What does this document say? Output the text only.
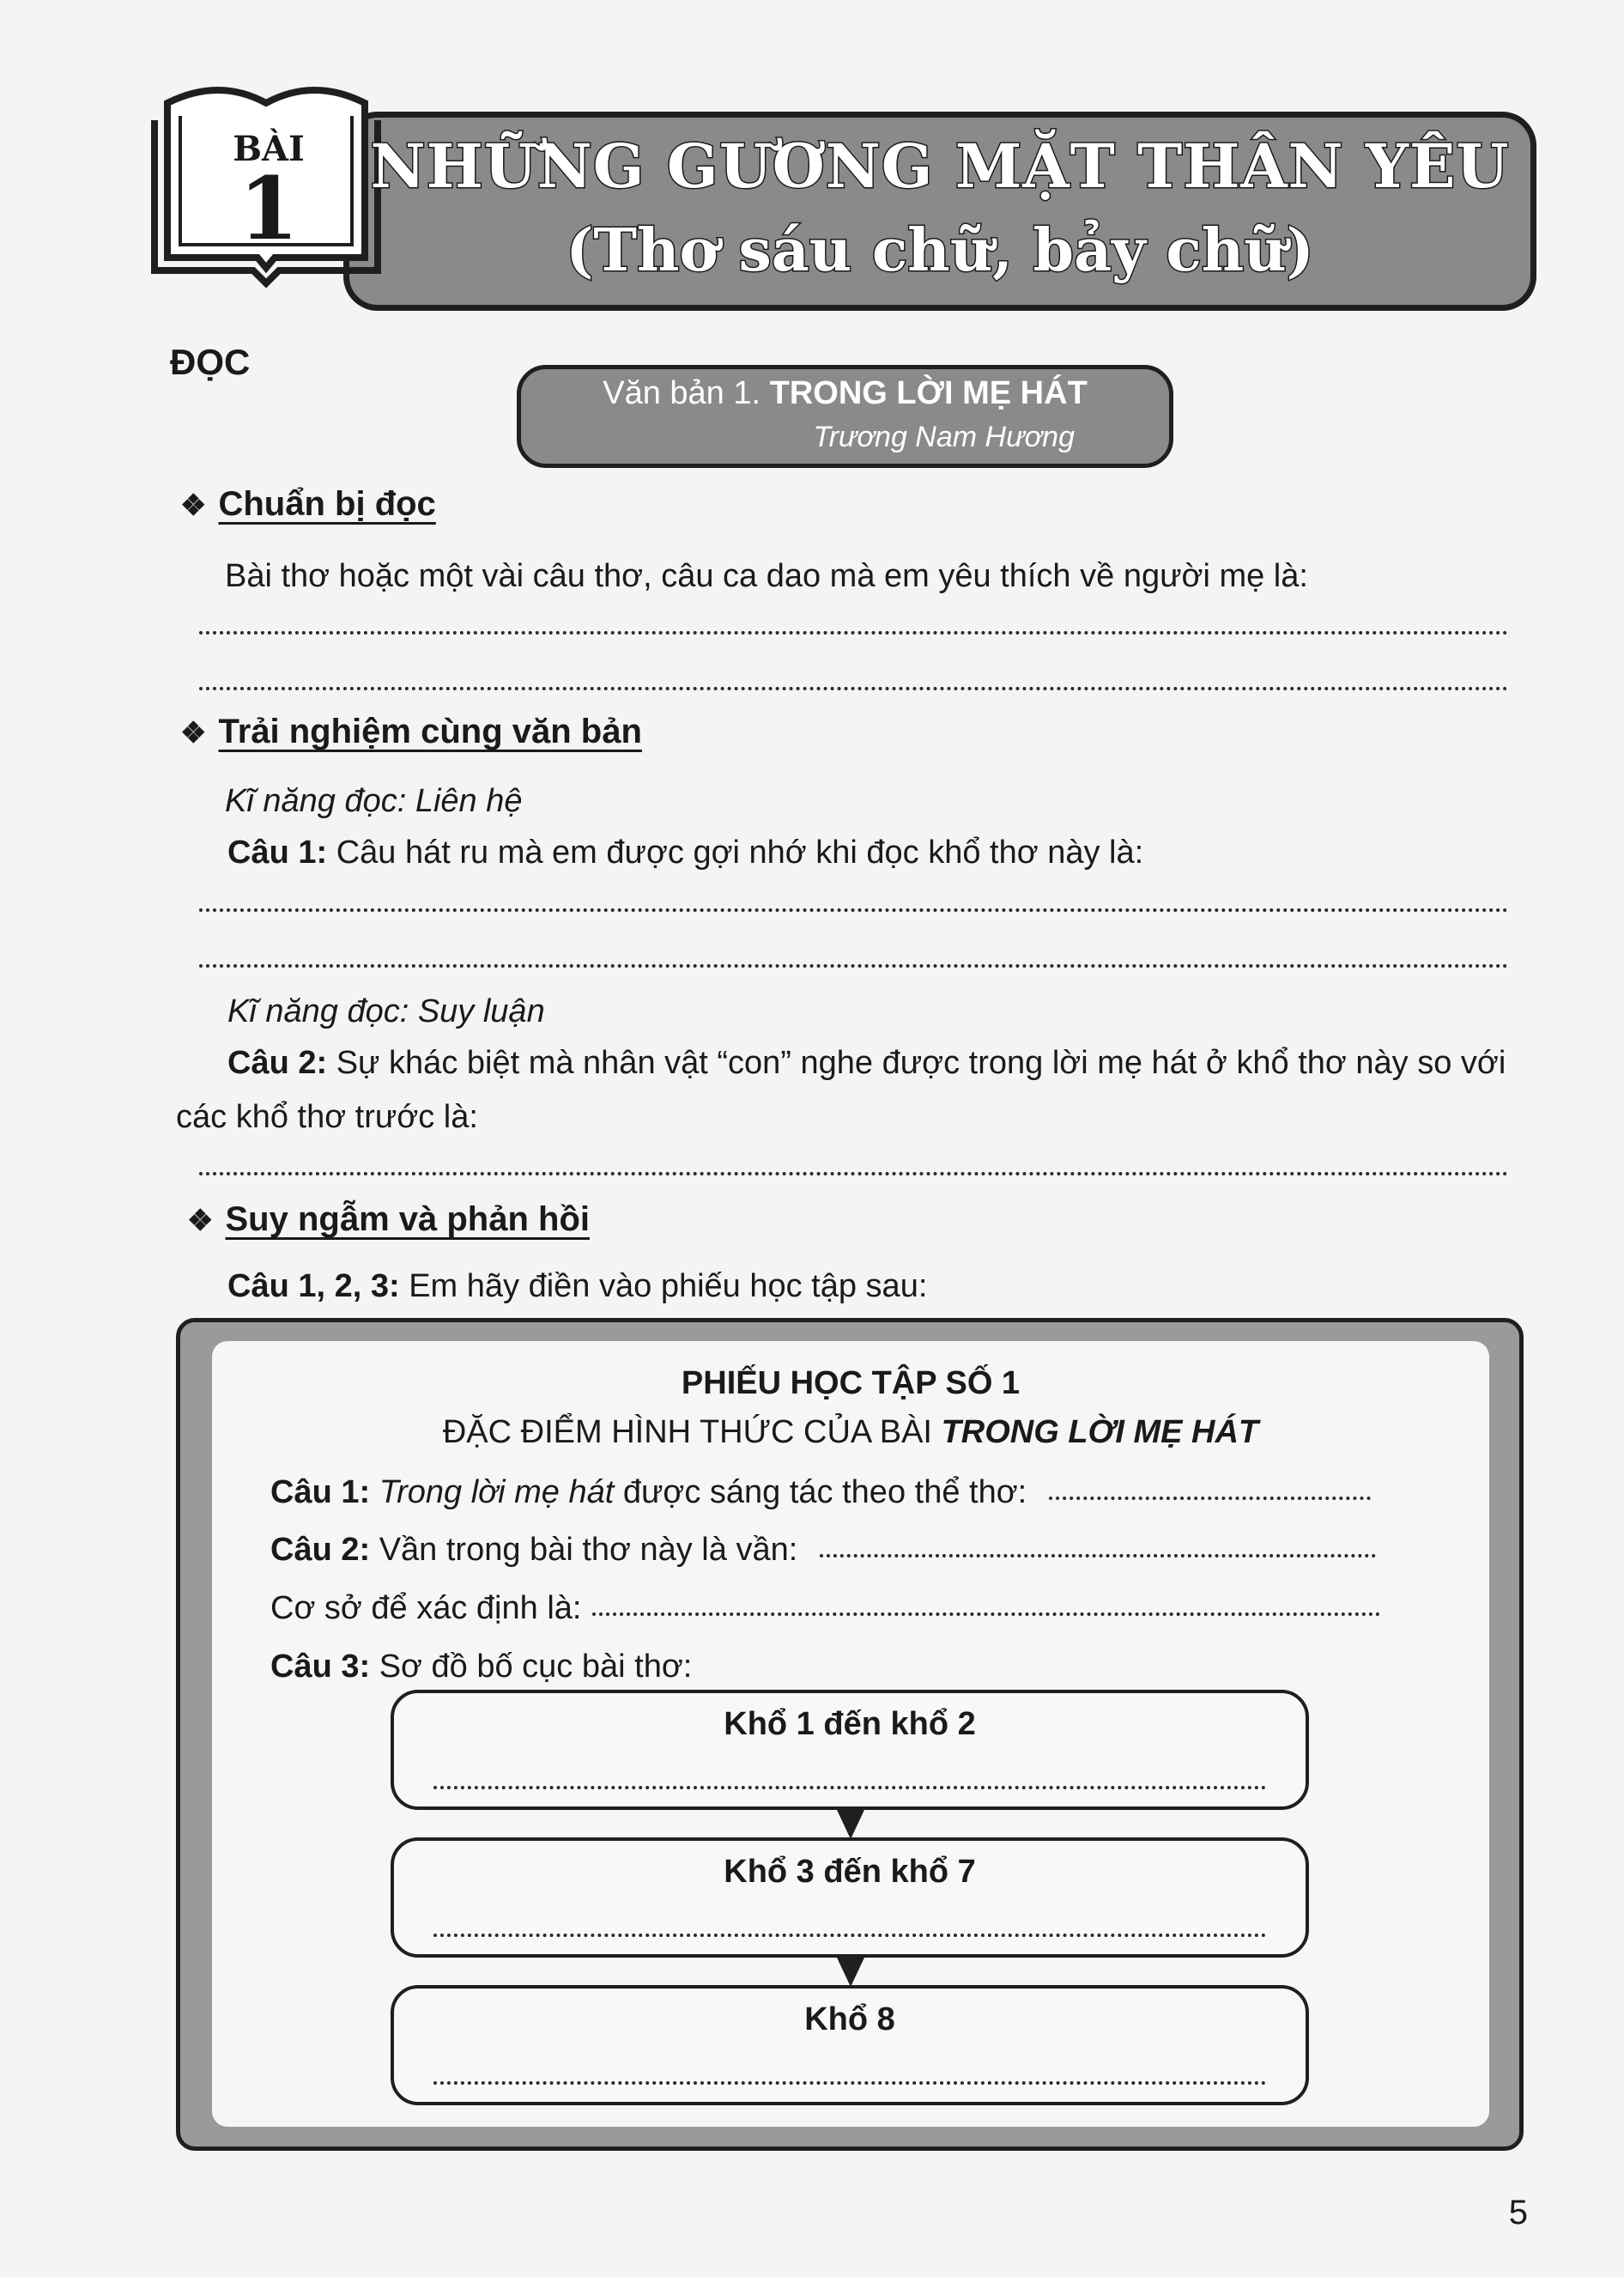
BÀI
1 NHỮNG GƯƠNG MẶT THÂN YÊU
(Thơ sáu chữ, bảy chữ)
ĐỌC
Văn bản 1. TRONG LỜI MẸ HÁT
Trương Nam Hương
❖ Chuẩn bị đọc
Bài thơ hoặc một vài câu thơ, câu ca dao mà em yêu thích về người mẹ là:
❖ Trải nghiệm cùng văn bản
Kĩ năng đọc: Liên hệ
Câu 1: Câu hát ru mà em được gợi nhớ khi đọc khổ thơ này là:
Kĩ năng đọc: Suy luận
Câu 2: Sự khác biệt mà nhân vật “con” nghe được trong lời mẹ hát ở khổ thơ này so với
các khổ thơ trước là:
❖ Suy ngẫm và phản hồi
Câu 1, 2, 3: Em hãy điền vào phiếu học tập sau:
PHIẾU HỌC TẬP SỐ 1
ĐẶC ĐIỂM HÌNH THỨC CỦA BÀI TRONG LỜI MẸ HÁT
Câu 1: Trong lời mẹ hát được sáng tác theo thể thơ:
Câu 2: Vần trong bài thơ này là vần:
Cơ sở để xác định là:
Câu 3: Sơ đồ bố cục bài thơ:
Khổ 1 đến khổ 2
Khổ 3 đến khổ 7
Khổ 8
5
